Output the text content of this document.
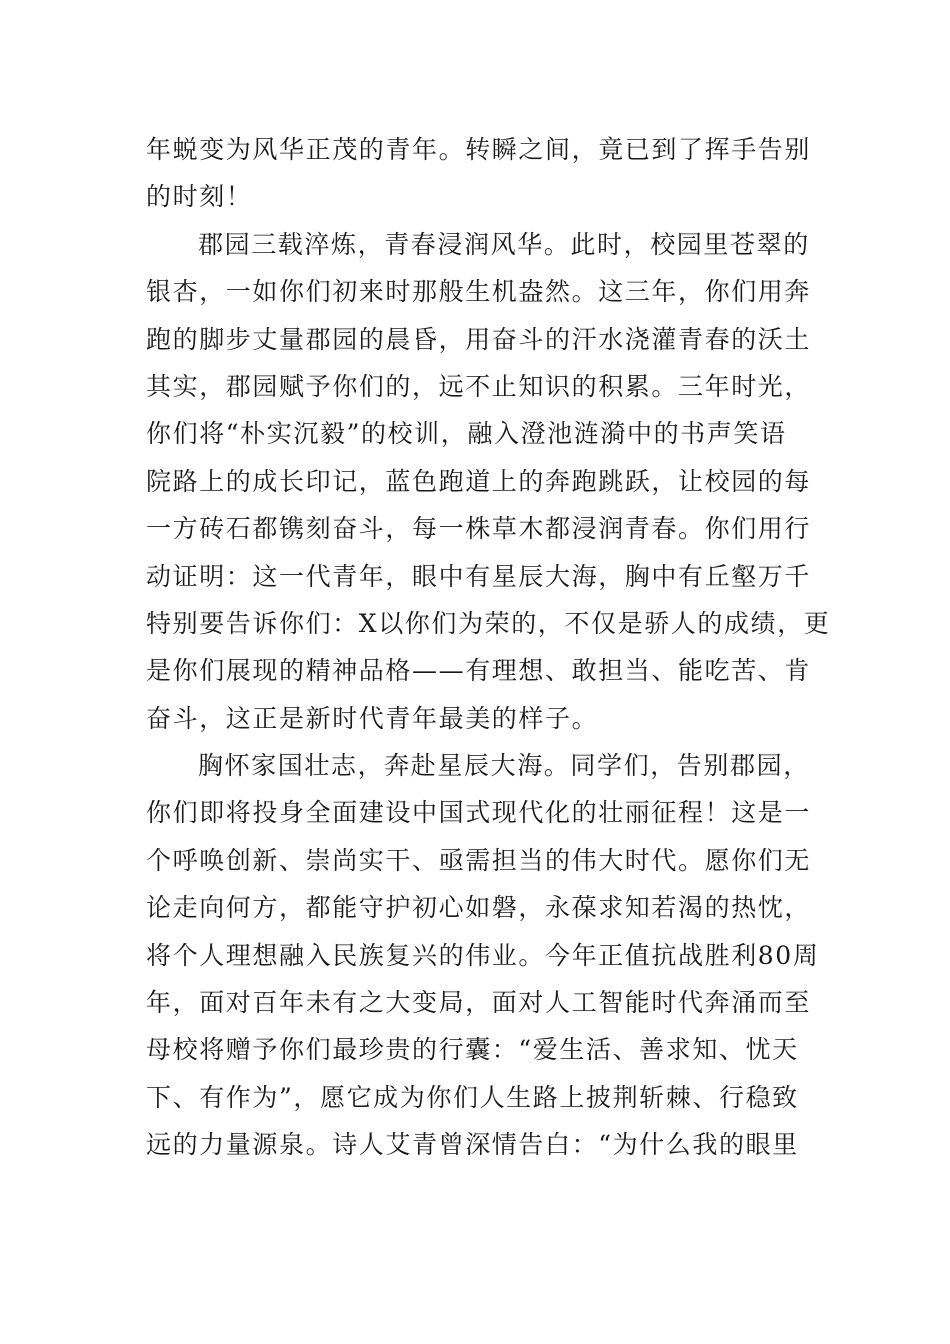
年蜕变为风华正茂的青年。转瞬之间，竟已到了挥手告别
的时刻！
郡园三载淬炼，青春浸润风华。此时，校园里苍翠的
银杏，一如你们初来时那般生机盎然。这三年，你们用奔
跑的脚步丈量郡园的晨昏，用奋斗的汗水浇灌青春的沃土
其实，郡园赋予你们的，远不止知识的积累。三年时光，
你们将“朴实沉毅”的校训，融入澄池涟漪中的书声笑语
院路上的成长印记，蓝色跑道上的奔跑跳跃，让校园的每
一方砖石都镌刻奋斗，每一株草木都浸润青春。你们用行
动证明：这一代青年，眼中有星辰大海，胸中有丘壑万千
特别要告诉你们：X以你们为荣的，不仅是骄人的成绩，更
是你们展现的精神品格——有理想、敢担当、能吃苦、肯
奋斗，这正是新时代青年最美的样子。
胸怀家国壮志，奔赴星辰大海。同学们，告别郡园，
你们即将投身全面建设中国式现代化的壮丽征程！这是一
个呼唤创新、崇尚实干、亟需担当的伟大时代。愿你们无
论走向何方，都能守护初心如磐，永葆求知若渴的热忱，
将个人理想融入民族复兴的伟业。今年正值抗战胜利80周
年，面对百年未有之大变局，面对人工智能时代奔涌而至
母校将赠予你们最珍贵的行囊：“爱生活、善求知、忧天
下、有作为”，愿它成为你们人生路上披荆斩棘、行稳致
远的力量源泉。诗人艾青曾深情告白：“为什么我的眼里
